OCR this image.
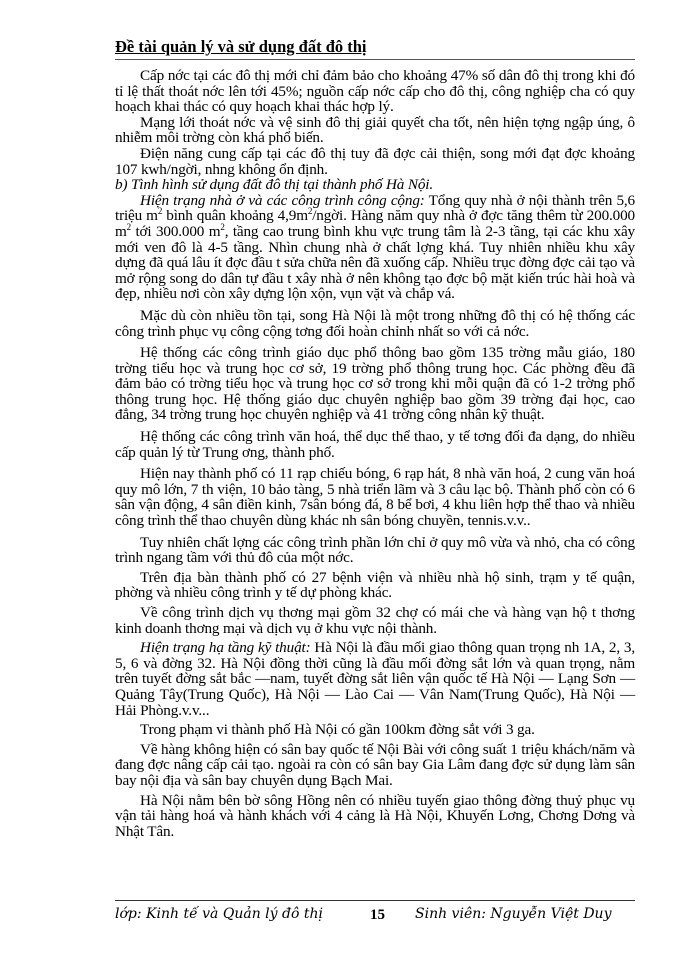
Đề tài quản lý và sử dụng đất đô thị

Cấp nớc tại các đô thị mới chỉ đảm bảo cho khoảng 47% số dân đô thị trong khi đó tỉ lệ thất thoát nớc lên tới 45%; nguồn cấp nớc cấp cho đô thị, công nghiệp cha có quy hoạch khai thác có quy hoạch khai thác hợp lý.

Mạng lới thoát nớc và vệ sinh đô thị giải quyết cha tốt, nên hiện tợng ngập úng, ô nhiễm môi trờng còn khá phổ biến.

Điện năng cung cấp tại các đô thị tuy đã đợc cải thiện, song mới đạt đợc khoảng 107 kwh/ngời, nhng không ổn định.

b) Tình hình sử dụng đất đô thị tại thành phố Hà Nội.

Hiện trạng nhà ở và các công trình công cộng: Tổng quy nhà ở nội thành trên 5,6 triệu $m^2$ bình quân khoảng $4,9m^2$/ngời. Hàng năm quy nhà ở đợc tăng thêm từ 200.000 $m^2$ tới 300.000 $m^2$, tầng cao trung bình khu vực trung tâm là 2-3 tầng, tại các khu xây mới ven đô là 4-5 tầng. Nhìn chung nhà ở chất lợng khá. Tuy nhiên nhiều khu xây dựng đã quá lâu ít đợc đầu t sửa chữa nên đã xuống cấp. Nhiều trục đờng đợc cải tạo và mở rộng song do dân tự đầu t xây nhà ở nên không tạo đợc bộ mặt kiến trúc hài hoà và đẹp, nhiều nơi còn xây dựng lộn xộn, vụn vặt và chắp vá.

Mặc dù còn nhiều tồn tại, song Hà Nội là một trong những đô thị có hệ thống các công trình phục vụ công cộng tơng đối hoàn chỉnh nhất so với cả nớc.

Hệ thống các công trình giáo dục phổ thông bao gồm 135 trờng mẫu giáo, 180 trờng tiểu học và trung học cơ sở, 19 trờng phổ thông trung học. Các phờng đều đã đảm bảo có trờng tiểu học và trung học cơ sở trong khi mỗi quận đã có 1-2 trờng phổ thông trung học. Hệ thống giáo dục chuyên nghiệp bao gồm 39 trờng đại học, cao đẳng, 34 trờng trung học chuyên nghiệp và 41 trờng công nhân kỹ thuật.

Hệ thống các công trình văn hoá, thể dục thể thao, y tế tơng đối đa dạng, do nhiều cấp quản lý từ Trung ơng, thành phố.

Hiện nay thành phố có 11 rạp chiếu bóng, 6 rạp hát, 8 nhà văn hoá, 2 cung văn hoá quy mô lớn, 7 th viện, 10 bảo tàng, 5 nhà triển lãm và 3 câu lạc bộ. Thành phố còn có 6 sân vận động, 4 sân điền kinh, 7sân bóng đá, 8 bể bơi, 4 khu liên hợp thể thao và nhiều công trình thể thao chuyên dùng khác nh sân bóng chuyền, tennis.v.v..

Tuy nhiên chất lợng các công trình phần lớn chỉ ở quy mô vừa và nhỏ, cha có công trình ngang tầm với thủ đô của một nớc.

Trên địa bàn thành phố có 27 bệnh viện và nhiều nhà hộ sinh, trạm y tế quận, phờng và nhiều công trình y tế dự phòng khác.

Về công trình dịch vụ thơng mại gồm 32 chợ có mái che và hàng vạn hộ t thơng kinh doanh thơng mại và dịch vụ ở khu vực nội thành.

Hiện trạng hạ tầng kỹ thuật: Hà Nội là đầu mối giao thông quan trọng nh 1A, 2, 3, 5, 6 và đờng 32. Hà Nội đồng thời cũng là đầu mối đờng sắt lớn và quan trọng, nằm trên tuyết đờng sắt bắc —nam, tuyết đờng sắt liên vận quốc tế Hà Nội — Lạng Sơn — Quảng Tây(Trung Quốc), Hà Nội — Lào Cai — Vân Nam(Trung Quốc), Hà Nội — Hải Phòng.v.v...

Trong phạm vi thành phố Hà Nội có gần 100km đờng sắt với 3 ga.

Về hàng không hiện có sân bay quốc tế Nội Bài với công suất 1 triệu khách/năm và đang đợc nâng cấp cải tạo. ngoài ra còn có sân bay Gia Lâm đang đợc sử dụng làm sân bay nội địa và sân bay chuyên dụng Bạch Mai.

Hà Nội nằm bên bờ sông Hồng nên có nhiều tuyến giao thông đờng thuỷ phục vụ vận tải hàng hoá và hành khách với 4 cảng là Hà Nội, Khuyến Lơng, Chơng Dơng và Nhật Tân.

lớp: Kinh tế và Quản lý đô thị	15 Sinh viên: Nguyễn Việt Duy
